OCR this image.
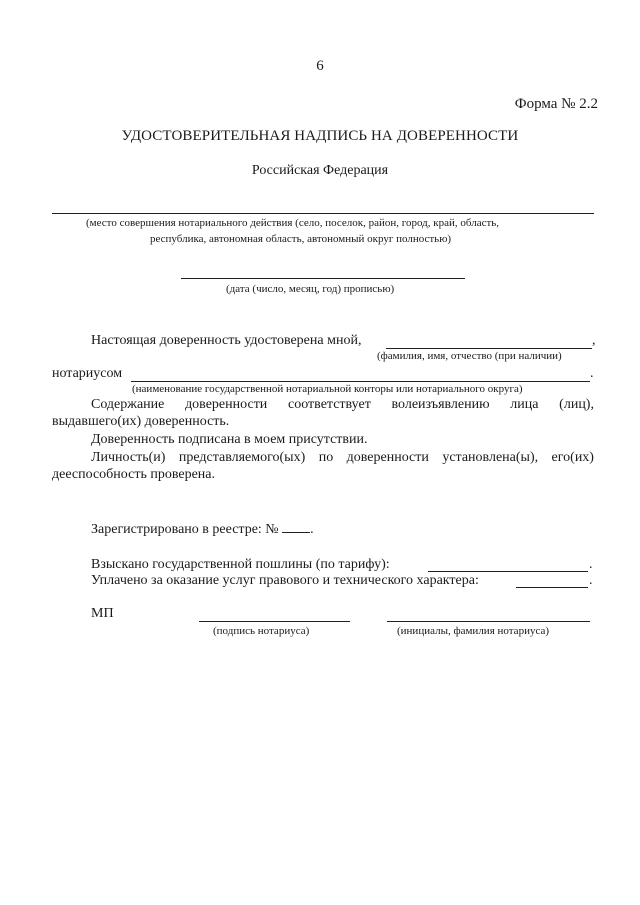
6
Форма № 2.2
УДОСТОВЕРИТЕЛЬНАЯ НАДПИСЬ НА ДОВЕРЕННОСТИ
Российская Федерация
(место совершения нотариального действия (село, поселок, район, город, край, область,
республика, автономная область, автономный округ полностью)
(дата (число, месяц, год) прописью)
Настоящая доверенность удостоверена мной,	,
(фамилия, имя, отчество (при наличии)
нотариусом	.
(наименование государственной нотариальной конторы или нотариального округа)
Содержание доверенности соответствует волеизъявлению лица (лиц),
выдавшего(их) доверенность.
Доверенность подписана в моем присутствии.
Личность(и) представляемого(ых) по доверенности установлена(ы), его(их)
дееспособность проверена.
Зарегистрировано в реестре: № .
Взыскано государственной пошлины (по тарифу):	.
Уплачено за оказание услуг правового и технического характера:	.
МП
(подпись нотариуса)	(инициалы, фамилия нотариуса)
